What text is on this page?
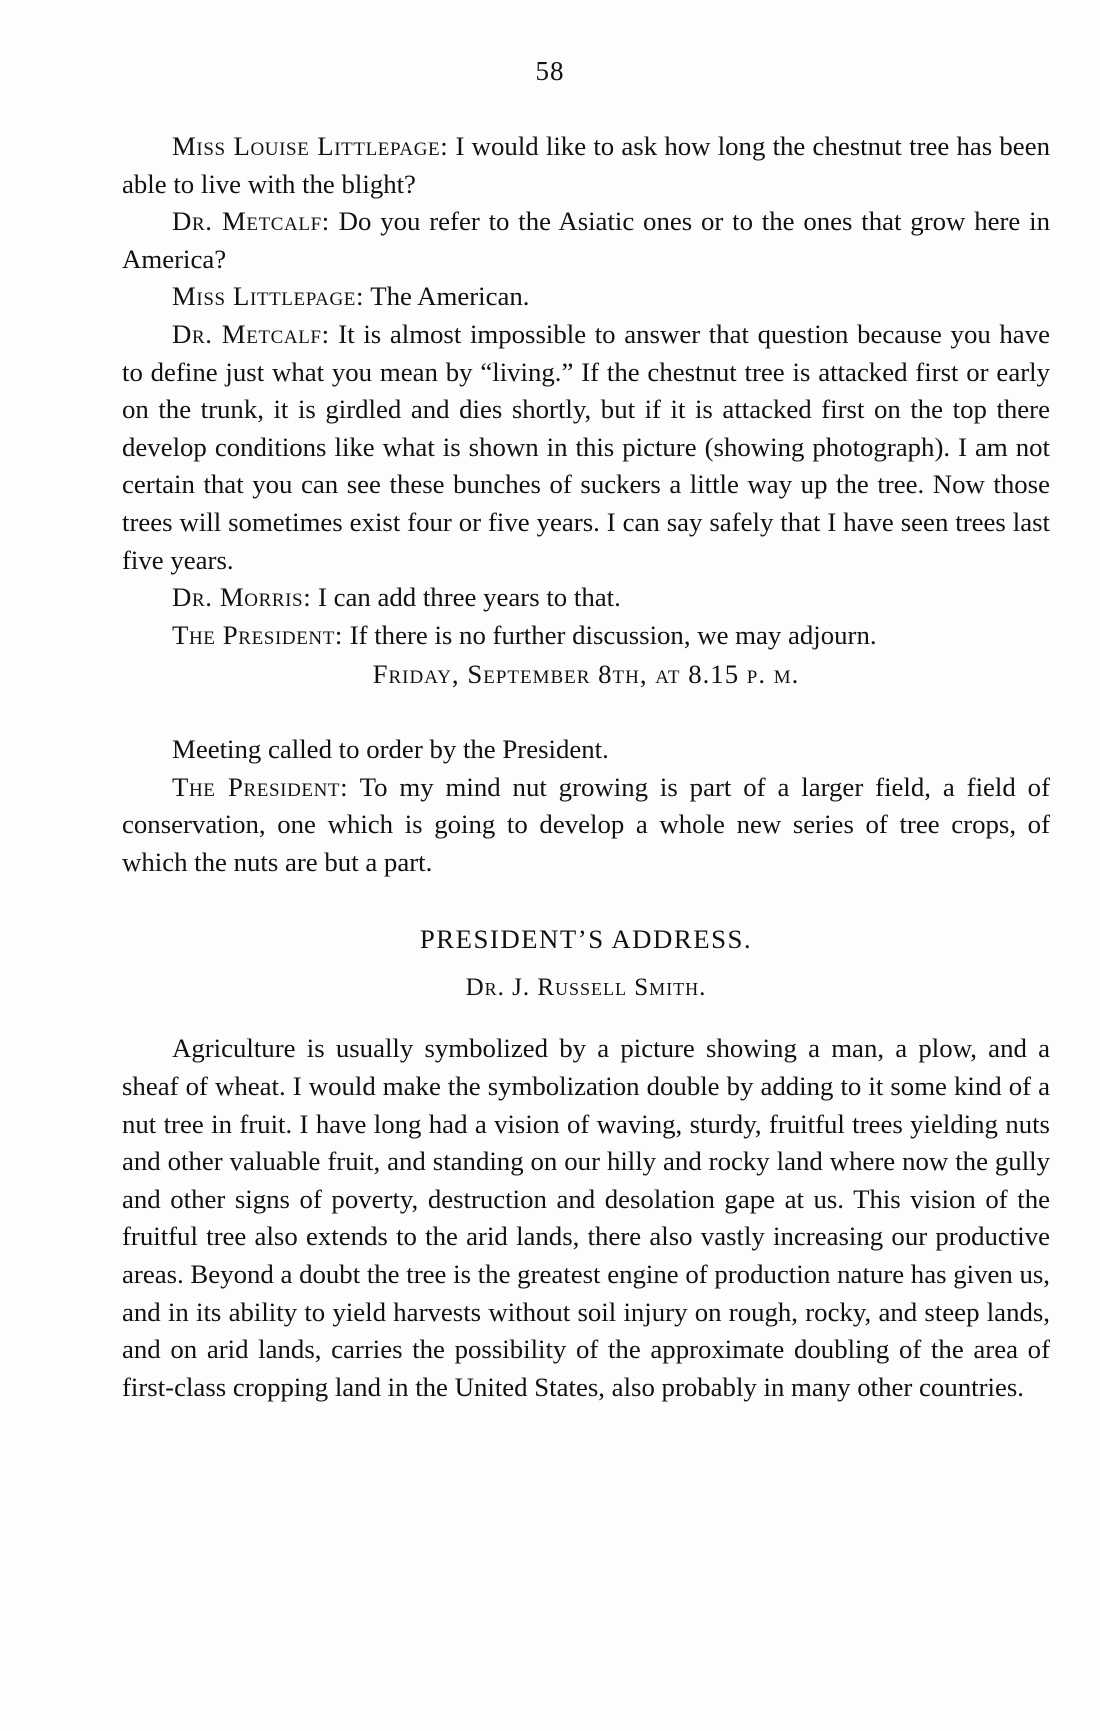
58

Miss Louise Littlepage: I would like to ask how long the chestnut tree has been able to live with the blight?

Dr. Metcalf: Do you refer to the Asiatic ones or to the ones that grow here in America?

Miss Littlepage: The American.

Dr. Metcalf: It is almost impossible to answer that question because you have to define just what you mean by “living.” If the chestnut tree is attacked first or early on the trunk, it is girdled and dies shortly, but if it is attacked first on the top there develop conditions like what is shown in this picture (showing photograph). I am not certain that you can see these bunches of suckers a little way up the tree. Now those trees will sometimes exist four or five years. I can say safely that I have seen trees last five years.

Dr. Morris: I can add three years to that.

The President: If there is no further discussion, we may adjourn.

Friday, September 8th, at 8.15 p. m.

Meeting called to order by the President.

The President: To my mind nut growing is part of a larger field, a field of conservation, one which is going to develop a whole new series of tree crops, of which the nuts are but a part.

PRESIDENT’S ADDRESS.

Dr. J. Russell Smith.

Agriculture is usually symbolized by a picture showing a man, a plow, and a sheaf of wheat. I would make the symbolization double by adding to it some kind of a nut tree in fruit. I have long had a vision of waving, sturdy, fruitful trees yielding nuts and other valuable fruit, and standing on our hilly and rocky land where now the gully and other signs of poverty, destruction and desolation gape at us. This vision of the fruitful tree also extends to the arid lands, there also vastly increasing our productive areas. Beyond a doubt the tree is the greatest engine of production nature has given us, and in its ability to yield harvests without soil injury on rough, rocky, and steep lands, and on arid lands, carries the possibility of the approximate doubling of the area of first-class cropping land in the United States, also probably in many other countries.
